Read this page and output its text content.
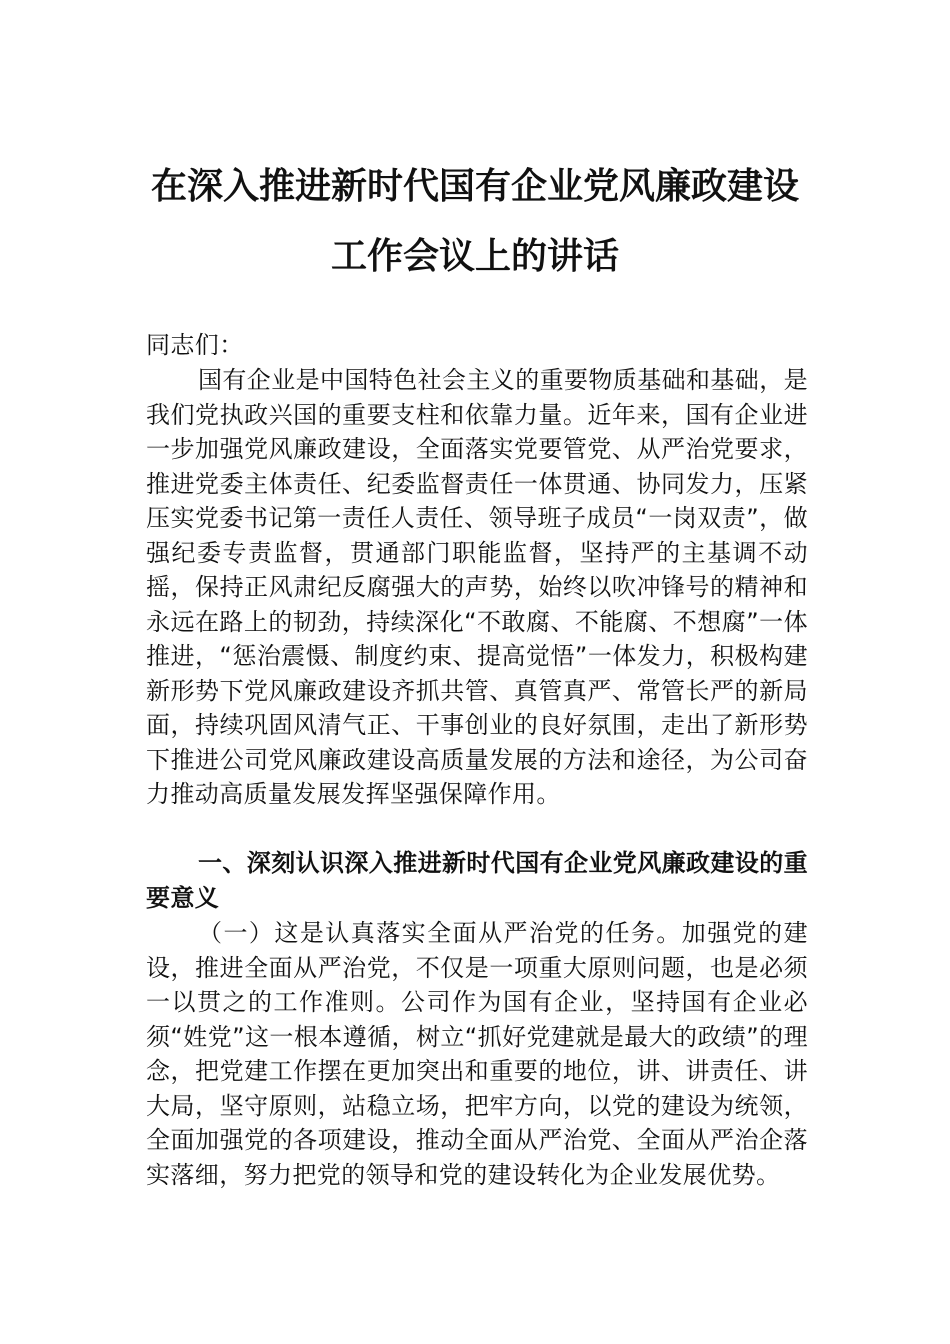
在深入推进新时代国有企业党风廉政建设
工作会议上的讲话

同志们：

国有企业是中国特色社会主义的重要物质基础和基础，是我们党执政兴国的重要支柱和依靠力量。近年来，国有企业进一步加强党风廉政建设，全面落实党要管党、从严治党要求，推进党委主体责任、纪委监督责任一体贯通、协同发力，压紧压实党委书记第一责任人责任、领导班子成员“一岗双责”，做强纪委专责监督，贯通部门职能监督，坚持严的主基调不动摇，保持正风肃纪反腐强大的声势，始终以吹冲锋号的精神和永远在路上的韧劲，持续深化“不敢腐、不能腐、不想腐”一体推进，“惩治震慑、制度约束、提高觉悟”一体发力，积极构建新形势下党风廉政建设齐抓共管、真管真严、常管长严的新局面，持续巩固风清气正、干事创业的良好氛围，走出了新形势下推进公司党风廉政建设高质量发展的方法和途径，为公司奋力推动高质量发展发挥坚强保障作用。

一、深刻认识深入推进新时代国有企业党风廉政建设的重要意义

（一）这是认真落实全面从严治党的任务。加强党的建设，推进全面从严治党，不仅是一项重大原则问题，也是必须一以贯之的工作准则。公司作为国有企业，坚持国有企业必须“姓党”这一根本遵循，树立“抓好党建就是最大的政绩”的理念，把党建工作摆在更加突出和重要的地位，讲、讲责任、讲大局，坚守原则，站稳立场，把牢方向，以党的建设为统领，全面加强党的各项建设，推动全面从严治党、全面从严治企落实落细，努力把党的领导和党的建设转化为企业发展优势。
